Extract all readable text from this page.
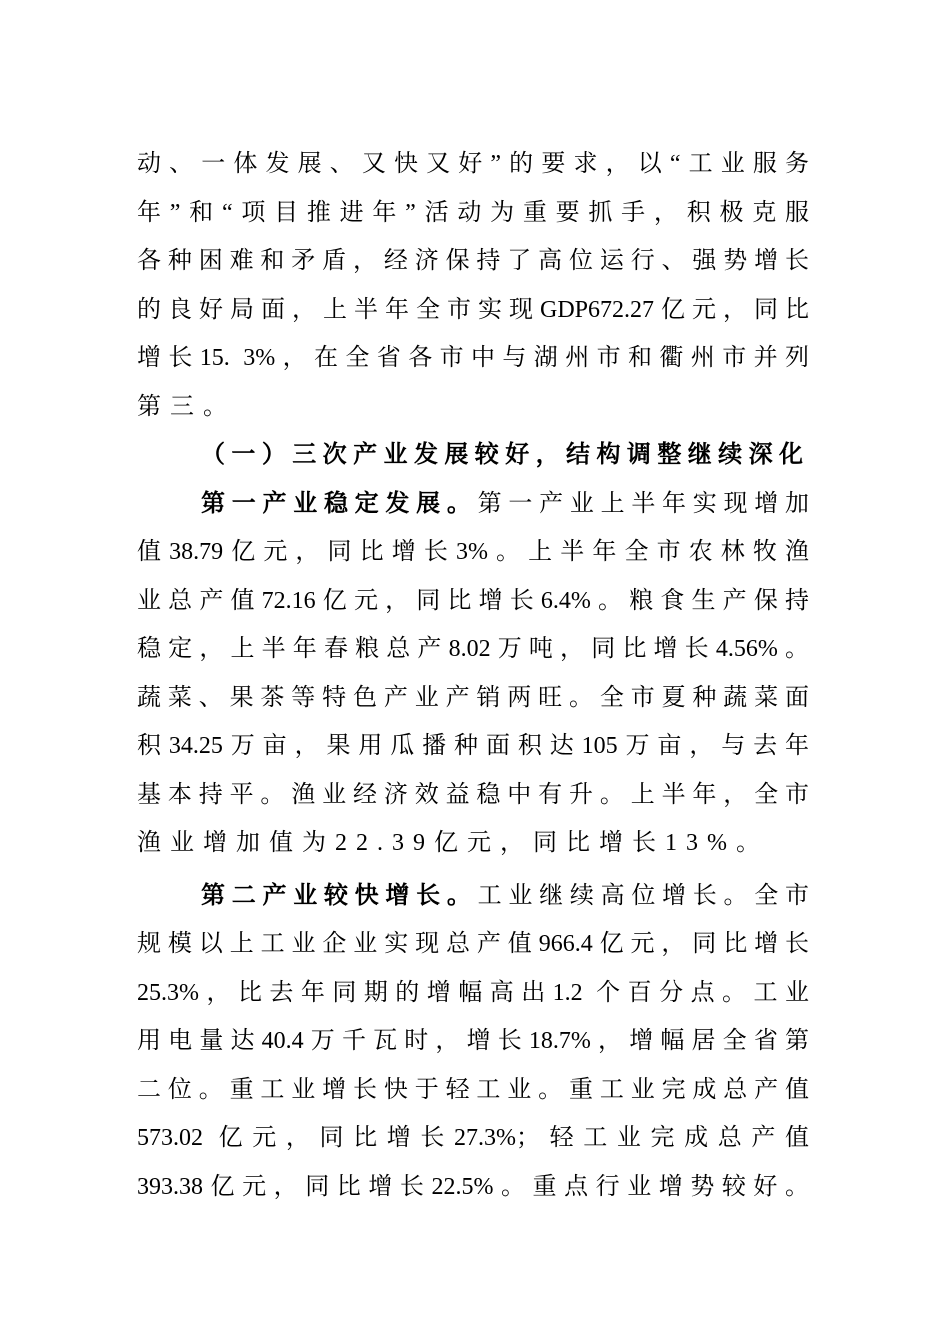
动、一体发展、又快又好”的要求，以“工业服务
年”和“项目推进年”活动为重要抓手，积极克服
各种困难和矛盾，经济保持了高位运行、强势增长
的良好局面，上半年全市实现GDP672.27亿元，同比
增长15. 3%，在全省各市中与湖州市和衢州市并列
第三。
（一）三次产业发展较好，结构调整继续深化
第一产业稳定发展。第一产业上半年实现增加
值38.79亿元，同比增长3%。上半年全市农林牧渔
业总产值72.16亿元，同比增长6.4%。粮食生产保持
稳定，上半年春粮总产8.02万吨，同比增长4.56%。
蔬菜、果茶等特色产业产销两旺。全市夏种蔬菜面
积34.25万亩，果用瓜播种面积达105万亩，与去年
基本持平。渔业经济效益稳中有升。上半年，全市
渔业增加值为22.39亿元，同比增长13%。
第二产业较快增长。工业继续高位增长。全市
规模以上工业企业实现总产值966.4亿元，同比增长
25.3%，比去年同期的增幅高出1.2 个百分点。工业
用电量达40.4万千瓦时，增长18.7%，增幅居全省第
二位。重工业增长快于轻工业。重工业完成总产值
573.02 亿元，同比增长27.3%；轻工业完成总产值
393.38亿元，同比增长22.5%。重点行业增势较好。
